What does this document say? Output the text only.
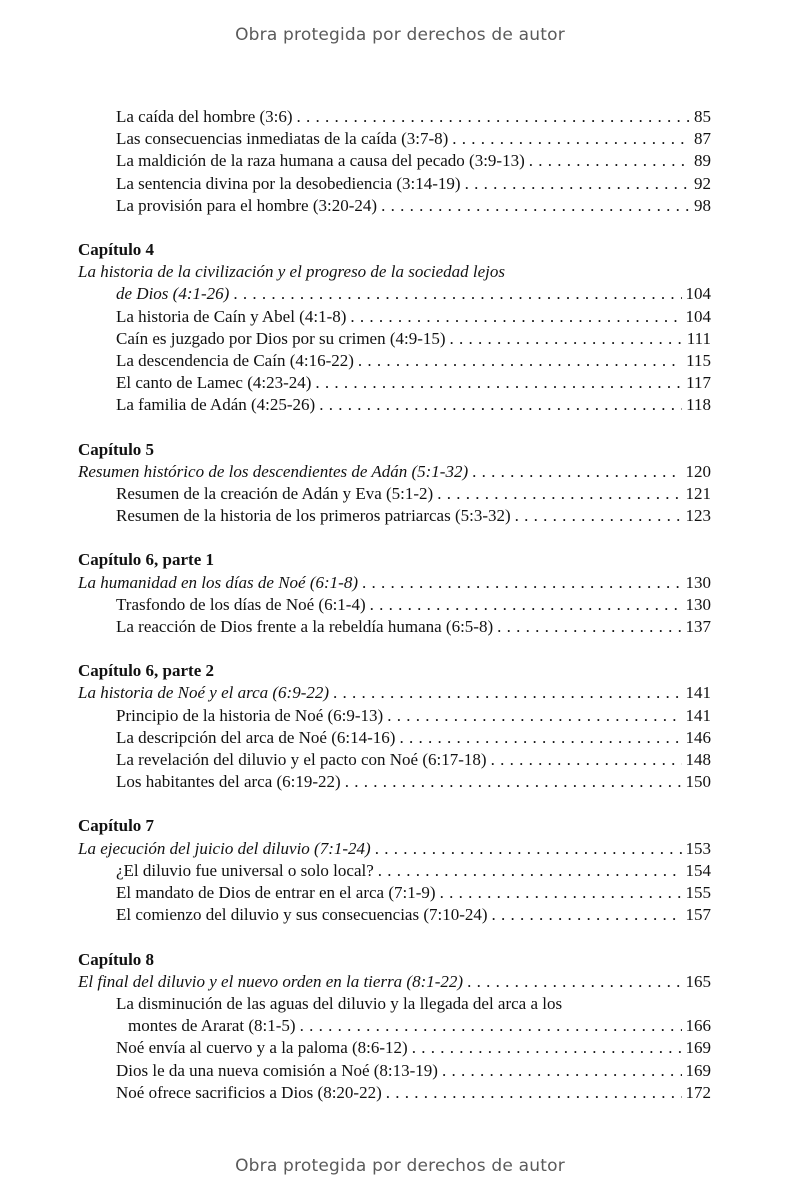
Obra protegida por derechos de autor
La caída del hombre (3:6) . . .	85
Las consecuencias inmediatas de la caída (3:7-8) . . .	87
La maldición de la raza humana a causa del pecado (3:9-13) . . .	89
La sentencia divina por la desobediencia (3:14-19) . . .	92
La provisión para el hombre (3:20-24) . . .	98
Capítulo 4
La historia de la civilización y el progreso de la sociedad lejos
de Dios (4:1-26) . . .	104
La historia de Caín y Abel (4:1-8) . . .	104
Caín es juzgado por Dios por su crimen (4:9-15) . . .	111
La descendencia de Caín (4:16-22) . . .	115
El canto de Lamec (4:23-24) . . .	117
La familia de Adán (4:25-26) . . .	118
Capítulo 5
Resumen histórico de los descendientes de Adán (5:1-32) . . .	120
Resumen de la creación de Adán y Eva (5:1-2) . . .	121
Resumen de la historia de los primeros patriarcas (5:3-32) . . .	123
Capítulo 6, parte 1
La humanidad en los días de Noé (6:1-8) . . .	130
Trasfondo de los días de Noé (6:1-4) . . .	130
La reacción de Dios frente a la rebeldía humana (6:5-8) . . .	137
Capítulo 6, parte 2
La historia de Noé y el arca (6:9-22) . . .	141
Principio de la historia de Noé (6:9-13) . . .	141
La descripción del arca de Noé (6:14-16) . . .	146
La revelación del diluvio y el pacto con Noé (6:17-18) . . .	148
Los habitantes del arca (6:19-22) . . .	150
Capítulo 7
La ejecución del juicio del diluvio (7:1-24) . . .	153
¿El diluvio fue universal o solo local? . . .	154
El mandato de Dios de entrar en el arca (7:1-9) . . .	155
El comienzo del diluvio y sus consecuencias (7:10-24) . . .	157
Capítulo 8
El final del diluvio y el nuevo orden en la tierra (8:1-22) . . .	165
La disminución de las aguas del diluvio y la llegada del arca a los
montes de Ararat (8:1-5) . . .	166
Noé envía al cuervo y a la paloma (8:6-12) . . .	169
Dios le da una nueva comisión a Noé (8:13-19) . . .	169
Noé ofrece sacrificios a Dios (8:20-22) . . .	172
Obra protegida por derechos de autor
